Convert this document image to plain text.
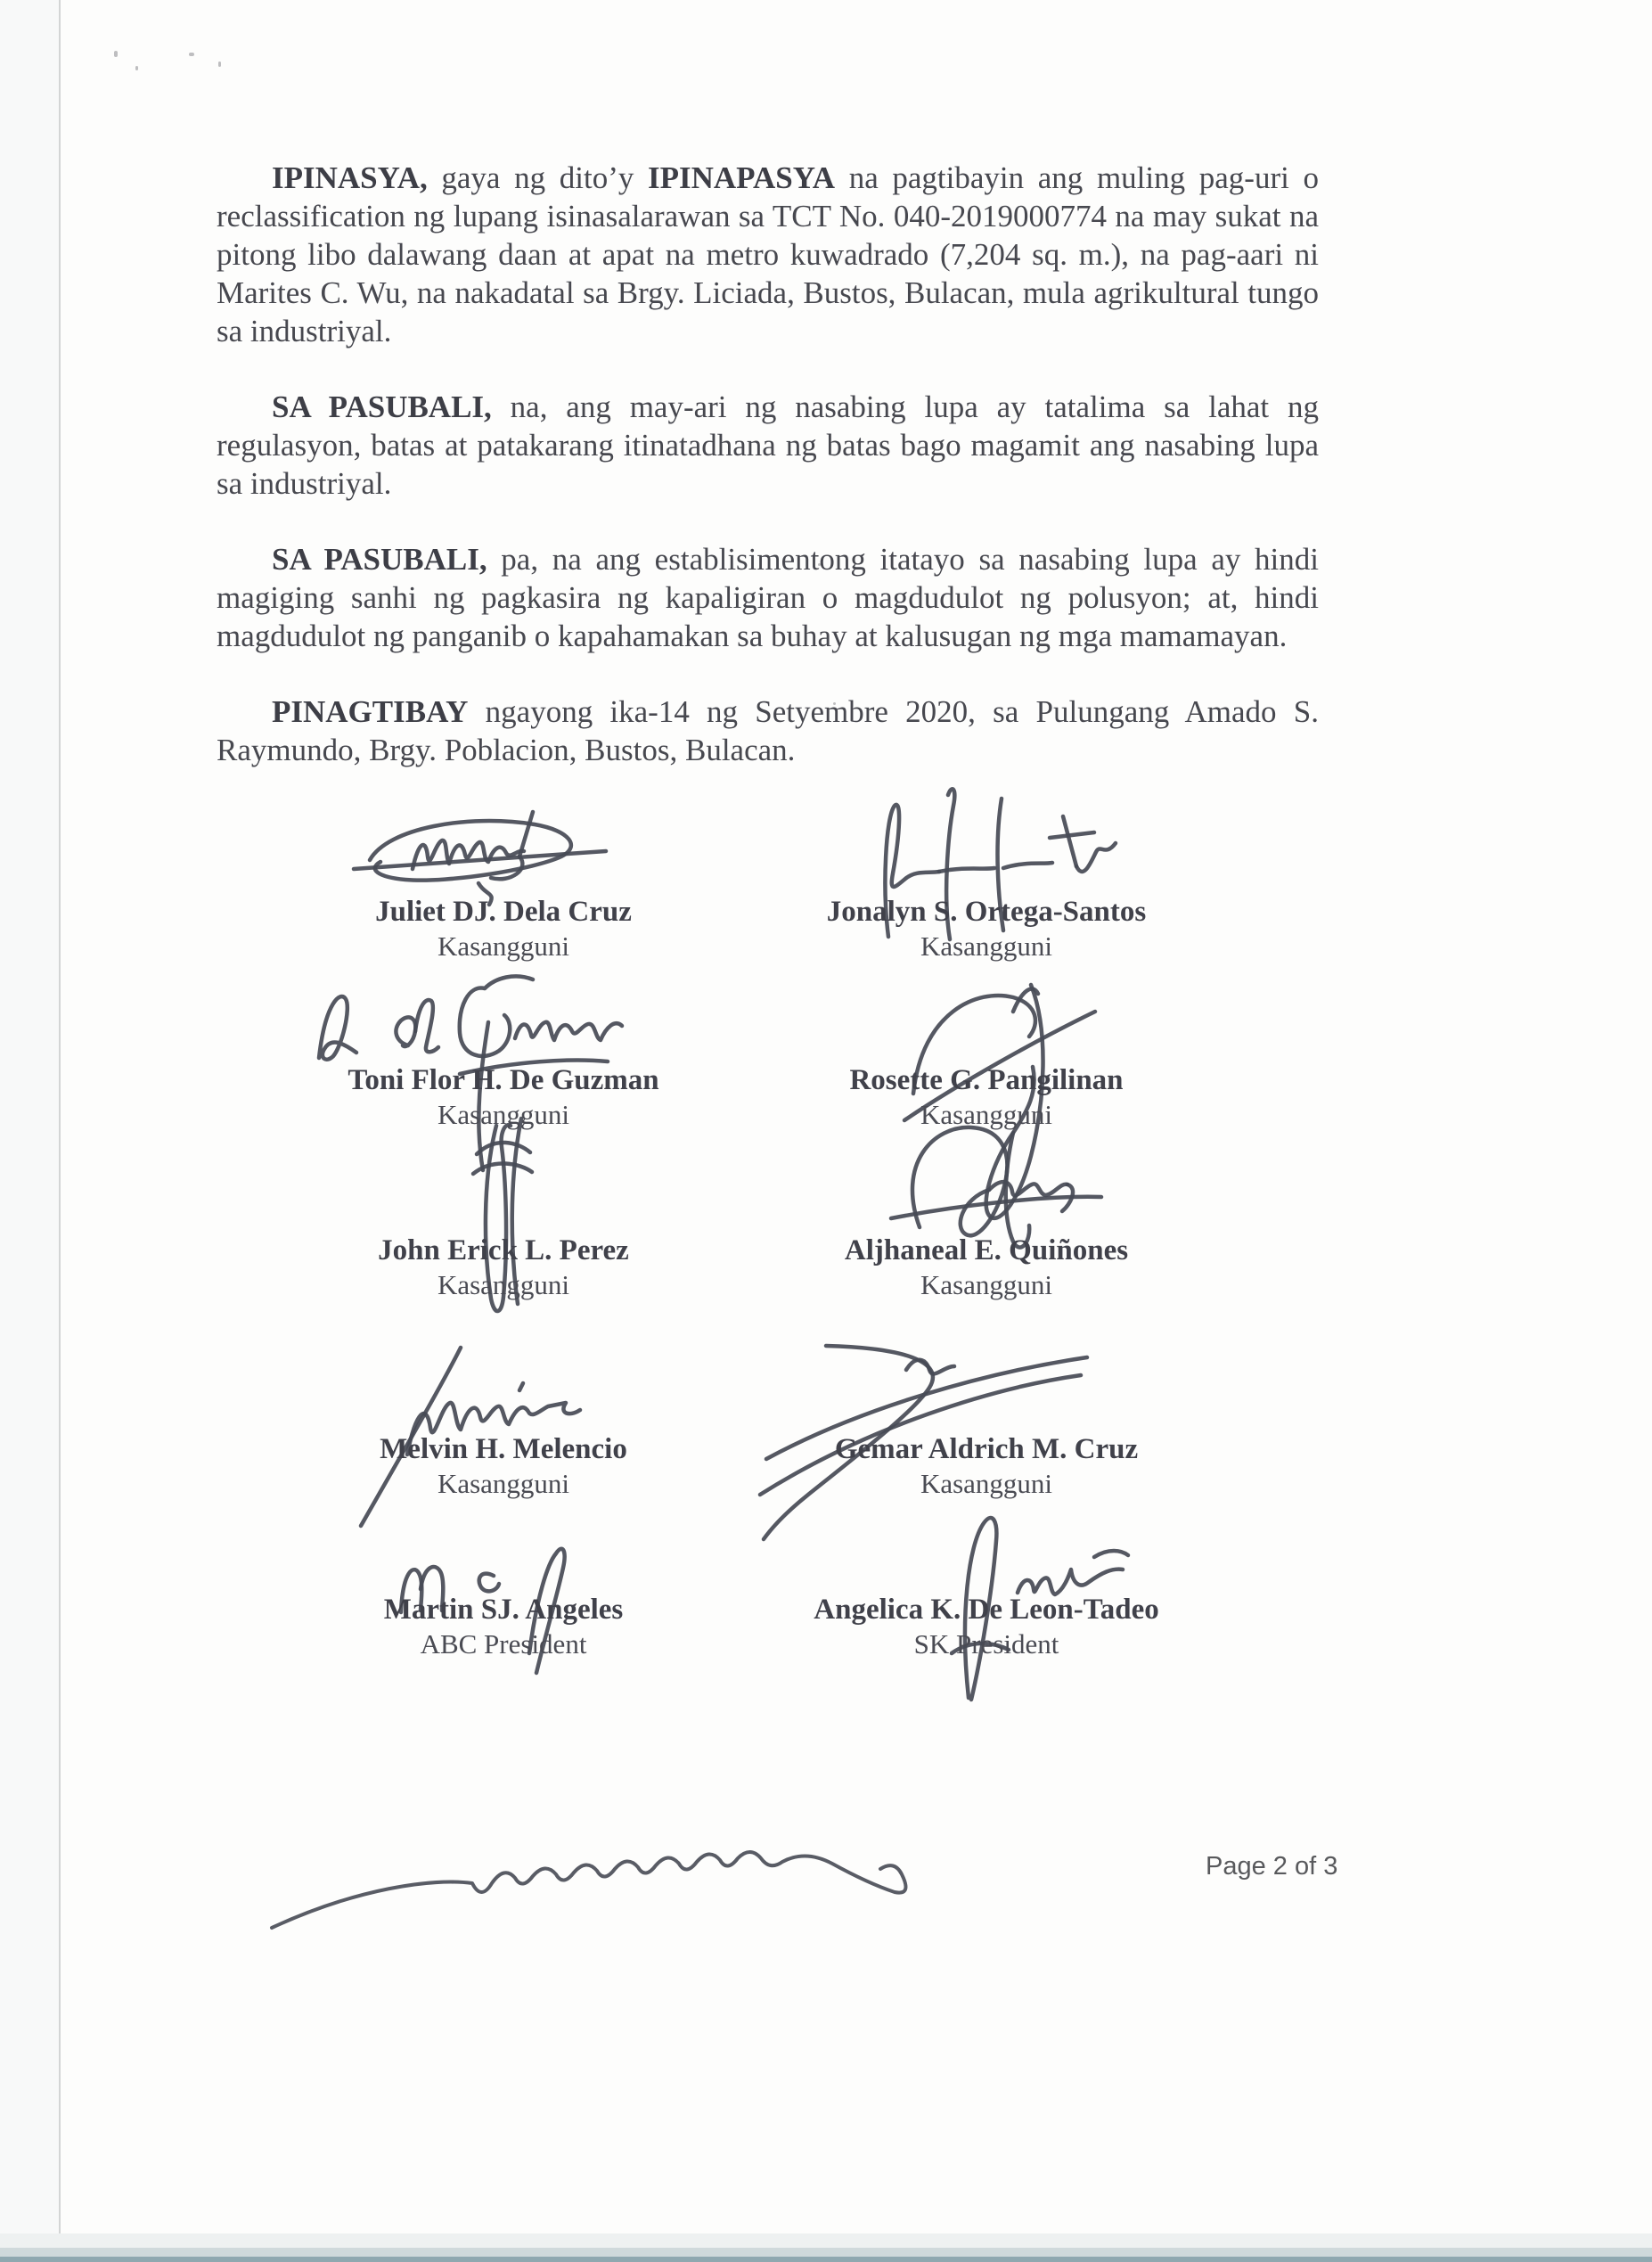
IPINASYA, gaya ng dito’y IPINAPASYA na pagtibayin ang muling pag-uri o reclassification ng lupang isinasalarawan sa TCT No. 040-2019000774 na may sukat na pitong libo dalawang daan at apat na metro kuwadrado (7,204 sq. m.), na pag-aari ni Marites C. Wu, na nakadatal sa Brgy. Liciada, Bustos, Bulacan, mula agrikultural tungo sa industriyal.

SA PASUBALI, na, ang may-ari ng nasabing lupa ay tatalima sa lahat ng regulasyon, batas at patakarang itinatadhana ng batas bago magamit ang nasabing lupa sa industriyal.

SA PASUBALI, pa, na ang establisimentong itatayo sa nasabing lupa ay hindi magiging sanhi ng pagkasira ng kapaligiran o magdudulot ng polusyon; at, hindi magdudulot ng panganib o kapahamakan sa buhay at kalusugan ng mga mamamayan.

PINAGTIBAY ngayong ika-14 ng Setyembre 2020, sa Pulungang Amado S. Raymundo, Brgy. Poblacion, Bustos, Bulacan.

Juliet DJ. Dela Cruz
Kasangguni
Jonalyn S. Ortega-Santos
Kasangguni
Toni Flor H. De Guzman
Kasangguni
Rosette G. Pangilinan
Kasangguni
John Erick L. Perez
Kasangguni
Aljhaneal E. Quiñones
Kasangguni
Melvin H. Melencio
Kasangguni
Gemar Aldrich M. Cruz
Kasangguni
Martin SJ. Angeles
ABC President
Angelica K. De Leon-Tadeo
SK President
Page 2 of 3
